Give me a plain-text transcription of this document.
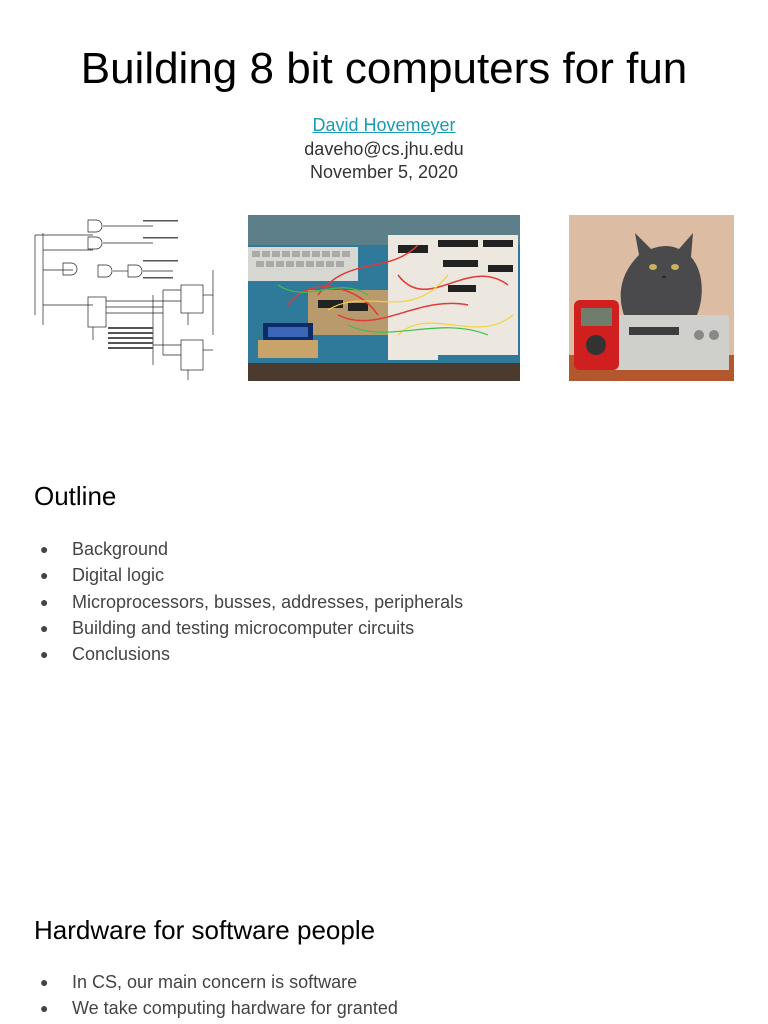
Building 8 bit computers for fun
David Hovemeyer
daveho@cs.jhu.edu
November 5, 2020
Outline
● Background
● Digital logic
● Microprocessors, busses, addresses, peripherals
● Building and testing microcomputer circuits
● Conclusions
Hardware for software people
● In CS, our main concern is software
● We take computing hardware for granted
